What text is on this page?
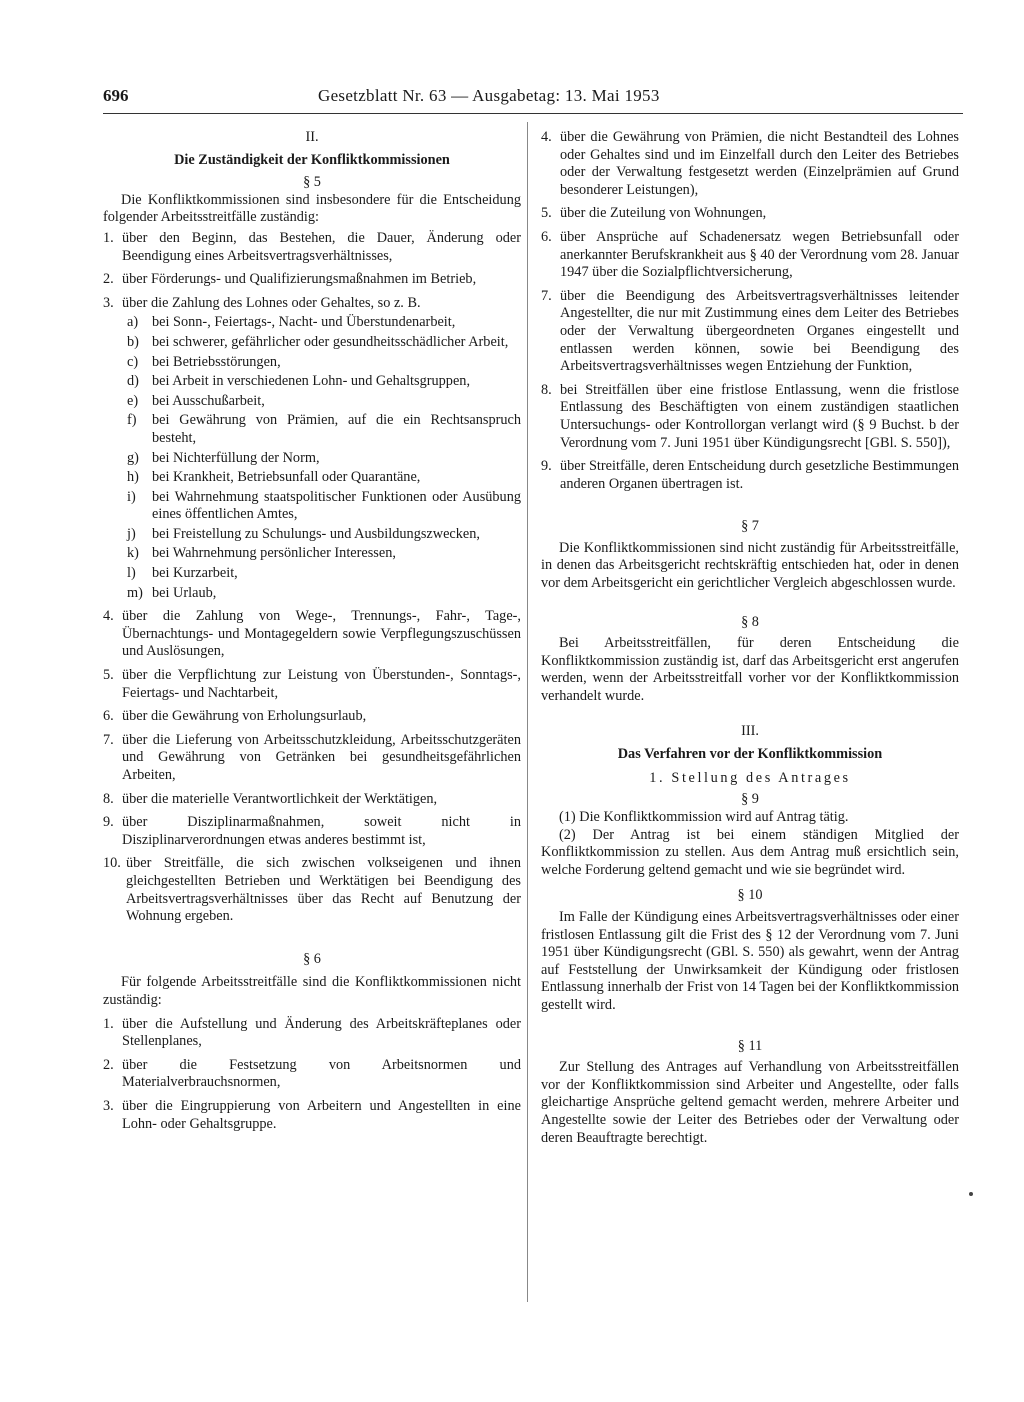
696	Gesetzblatt Nr. 63 — Ausgabetag: 13. Mai 1953
II.
Die Zuständigkeit der Konfliktkommissionen
§ 5

Die Konfliktkommissionen sind insbesondere für die Entscheidung folgender Arbeitsstreitfälle zuständig:

1. über den Beginn, das Bestehen, die Dauer, Änderung oder Beendigung eines Arbeitsvertragsverhältnisses,
2. über Förderungs- und Qualifizierungsmaßnahmen im Betrieb,
3. über die Zahlung des Lohnes oder Gehaltes, so z. B.
a) bei Sonn-, Feiertags-, Nacht- und Überstundenarbeit,
b) bei schwerer, gefährlicher oder gesundheitsschädlicher Arbeit,
c) bei Betriebsstörungen,
d) bei Arbeit in verschiedenen Lohn- und Gehaltsgruppen,
e) bei Ausschußarbeit,
f) bei Gewährung von Prämien, auf die ein Rechtsanspruch besteht,
g) bei Nichterfüllung der Norm,
h) bei Krankheit, Betriebsunfall oder Quarantäne,
i) bei Wahrnehmung staatspolitischer Funktionen oder Ausübung eines öffentlichen Amtes,
j) bei Freistellung zu Schulungs- und Ausbildungszwecken,
k) bei Wahrnehmung persönlicher Interessen,
l) bei Kurzarbeit,
m) bei Urlaub,
4. über die Zahlung von Wege-, Trennungs-, Fahr-, Tage-, Übernachtungs- und Montagegeldern sowie Verpflegungszuschüssen und Auslösungen,
5. über die Verpflichtung zur Leistung von Überstunden-, Sonntags-, Feiertags- und Nachtarbeit,
6. über die Gewährung von Erholungsurlaub,
7. über die Lieferung von Arbeitsschutzkleidung, Arbeitsschutzgeräten und Gewährung von Getränken bei gesundheitsgefährlichen Arbeiten,
8. über die materielle Verantwortlichkeit der Werktätigen,
9. über Disziplinarmaßnahmen, soweit nicht in Disziplinarverordnungen etwas anderes bestimmt ist,
10. über Streitfälle, die sich zwischen volkseigenen und ihnen gleichgestellten Betrieben und Werktätigen bei Beendigung des Arbeitsvertragsverhältnisses über das Recht auf Benutzung der Wohnung ergeben.
§ 6

Für folgende Arbeitsstreitfälle sind die Konfliktkommissionen nicht zuständig:

1. über die Aufstellung und Änderung des Arbeitskräfteplanes oder Stellenplanes,
2. über die Festsetzung von Arbeitsnormen und Materialverbrauchsnormen,
3. über die Eingruppierung von Arbeitern und Angestellten in eine Lohn- oder Gehaltsgruppe.
4. über die Gewährung von Prämien, die nicht Bestandteil des Lohnes oder Gehaltes sind und im Einzelfall durch den Leiter des Betriebes oder der Verwaltung festgesetzt werden (Einzelprämien auf Grund besonderer Leistungen),
5. über die Zuteilung von Wohnungen,
6. über Ansprüche auf Schadenersatz wegen Betriebsunfall oder anerkannter Berufskrankheit aus § 40 der Verordnung vom 28. Januar 1947 über die Sozialpflichtversicherung,
7. über die Beendigung des Arbeitsvertragsverhältnisses leitender Angestellter, die nur mit Zustimmung eines dem Leiter des Betriebes oder der Verwaltung übergeordneten Organes eingestellt und entlassen werden können, sowie bei Beendigung des Arbeitsvertragsverhältnisses wegen Entziehung der Funktion,
8. bei Streitfällen über eine fristlose Entlassung, wenn die fristlose Entlassung des Beschäftigten von einem zuständigen staatlichen Untersuchungs- oder Kontrollorgan verlangt wird (§ 9 Buchst. b der Verordnung vom 7. Juni 1951 über Kündigungsrecht [GBl. S. 550]),
9. über Streitfälle, deren Entscheidung durch gesetzliche Bestimmungen anderen Organen übertragen ist.
§ 7

Die Konfliktkommissionen sind nicht zuständig für Arbeitsstreitfälle, in denen das Arbeitsgericht rechtskräftig entschieden hat, oder in denen vor dem Arbeitsgericht ein gerichtlicher Vergleich abgeschlossen wurde.

§ 8

Bei Arbeitsstreitfällen, für deren Entscheidung die Konfliktkommission zuständig ist, darf das Arbeitsgericht erst angerufen werden, wenn der Arbeitsstreitfall vorher vor der Konfliktkommission verhandelt wurde.

III.
Das Verfahren vor der Konfliktkommission
1. Stellung des Antrages
§ 9

(1) Die Konfliktkommission wird auf Antrag tätig.

(2) Der Antrag ist bei einem ständigen Mitglied der Konfliktkommission zu stellen. Aus dem Antrag muß ersichtlich sein, welche Forderung geltend gemacht und wie sie begründet wird.

§ 10

Im Falle der Kündigung eines Arbeitsvertragsverhältnisses oder einer fristlosen Entlassung gilt die Frist des § 12 der Verordnung vom 7. Juni 1951 über Kündigungsrecht (GBl. S. 550) als gewahrt, wenn der Antrag auf Feststellung der Unwirksamkeit der Kündigung oder fristlosen Entlassung innerhalb der Frist von 14 Tagen bei der Konfliktkommission gestellt wird.

§ 11

Zur Stellung des Antrages auf Verhandlung von Arbeitsstreitfällen vor der Konfliktkommission sind Arbeiter und Angestellte, oder falls gleichartige Ansprüche geltend gemacht werden, mehrere Arbeiter und Angestellte sowie der Leiter des Betriebes oder der Verwaltung oder deren Beauftragte berechtigt.
